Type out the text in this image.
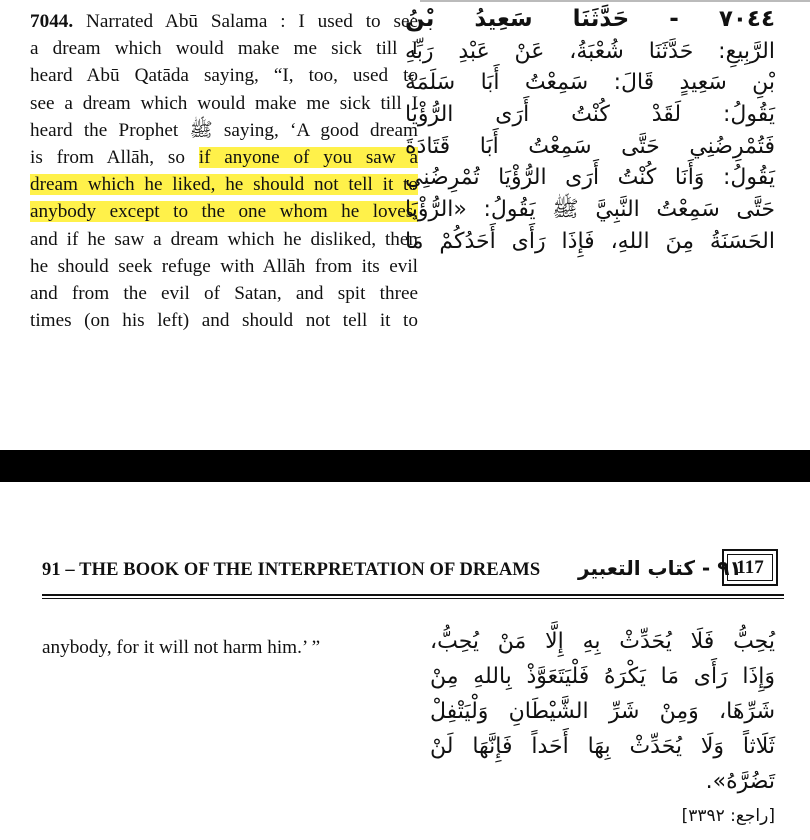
7044. Narrated Abū Salama : I used to see
a dream which would make me sick till I
heard Abū Qatāda saying, “I, too, used to
see a dream which would make me sick till I
heard the Prophet ﷺ saying, ‘A good dream
is from Allāh, so if anyone of you saw a
dream which he liked, he should not tell it to
anybody except to the one whom he loves,
and if he saw a dream which he disliked, then
he should seek refuge with Allāh from its evil
and from the evil of Satan, and spit three
times (on his left) and should not tell it to
٧٠٤٤ - حَدَّثَنَا سَعِيدُ بْنُ
الرَّبِيعِ: حَدَّثَنَا شُعْبَةُ، عَنْ عَبْدِ رَبِّهِ
بْنِ سَعِيدٍ قَالَ: سَمِعْتُ أَبَا سَلَمَةَ
يَقُولُ: لَقَدْ كُنْتُ أَرَى الرُّؤْيَا
فَتُمْرِضُنِي حَتَّى سَمِعْتُ أَبَا قَتَادَةَ
يَقُولُ: وَأَنَا كُنْتُ أَرَى الرُّؤْيَا تُمْرِضُنِي
حَتَّى سَمِعْتُ النَّبِيَّ ﷺ يَقُولُ: «الرُّؤْيَا
الحَسَنَةُ مِنَ اللهِ، فَإِذَا رَأَى أَحَدُكُمْ مَا
91 – THE BOOK OF THE INTERPRETATION OF DREAMS ٩١ - كتاب التعبير
117
anybody, for it will not harm him.’ ”	يُحِبُّ فَلَا يُحَدِّثْ بِهِ إِلَّا مَنْ يُحِبُّ،
وَإِذَا رَأَى مَا يَكْرَهُ فَلْيَتَعَوَّذْ بِاللهِ مِنْ
شَرِّهَا، وَمِنْ شَرِّ الشَّيْطَانِ وَلْيَتْفِلْ
ثَلَاثاً وَلَا يُحَدِّثْ بِهَا أَحَداً فَإِنَّهَا لَنْ
تَضُرَّهُ».
[راجع: ٣٣٩٢]
